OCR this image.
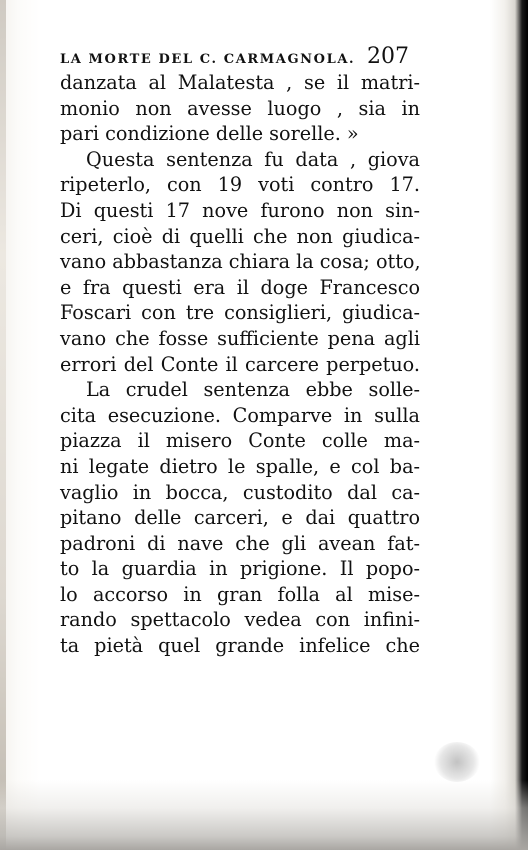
LA MORTE DEL C. CARMAGNOLA. 207
danzata al Malatesta , se il matri-
monio non avesse luogo , sia in
pari condizione delle sorelle. »
Questa sentenza fu data , giova
ripeterlo, con 19 voti contro 17.
Di questi 17 nove furono non sin-
ceri, cioè di quelli che non giudica-
vano abbastanza chiara la cosa; otto,
e fra questi era il doge Francesco
Foscari con tre consiglieri, giudica-
vano che fosse sufficiente pena agli
errori del Conte il carcere perpetuo.
La crudel sentenza ebbe solle-
cita esecuzione. Comparve in sulla
piazza il misero Conte colle ma-
ni legate dietro le spalle, e col ba-
vaglio in bocca, custodito dal ca-
pitano delle carceri, e dai quattro
padroni di nave che gli avean fat-
to la guardia in prigione. Il popo-
lo accorso in gran folla al mise-
rando spettacolo vedea con infini-
ta pietà quel grande infelice che
